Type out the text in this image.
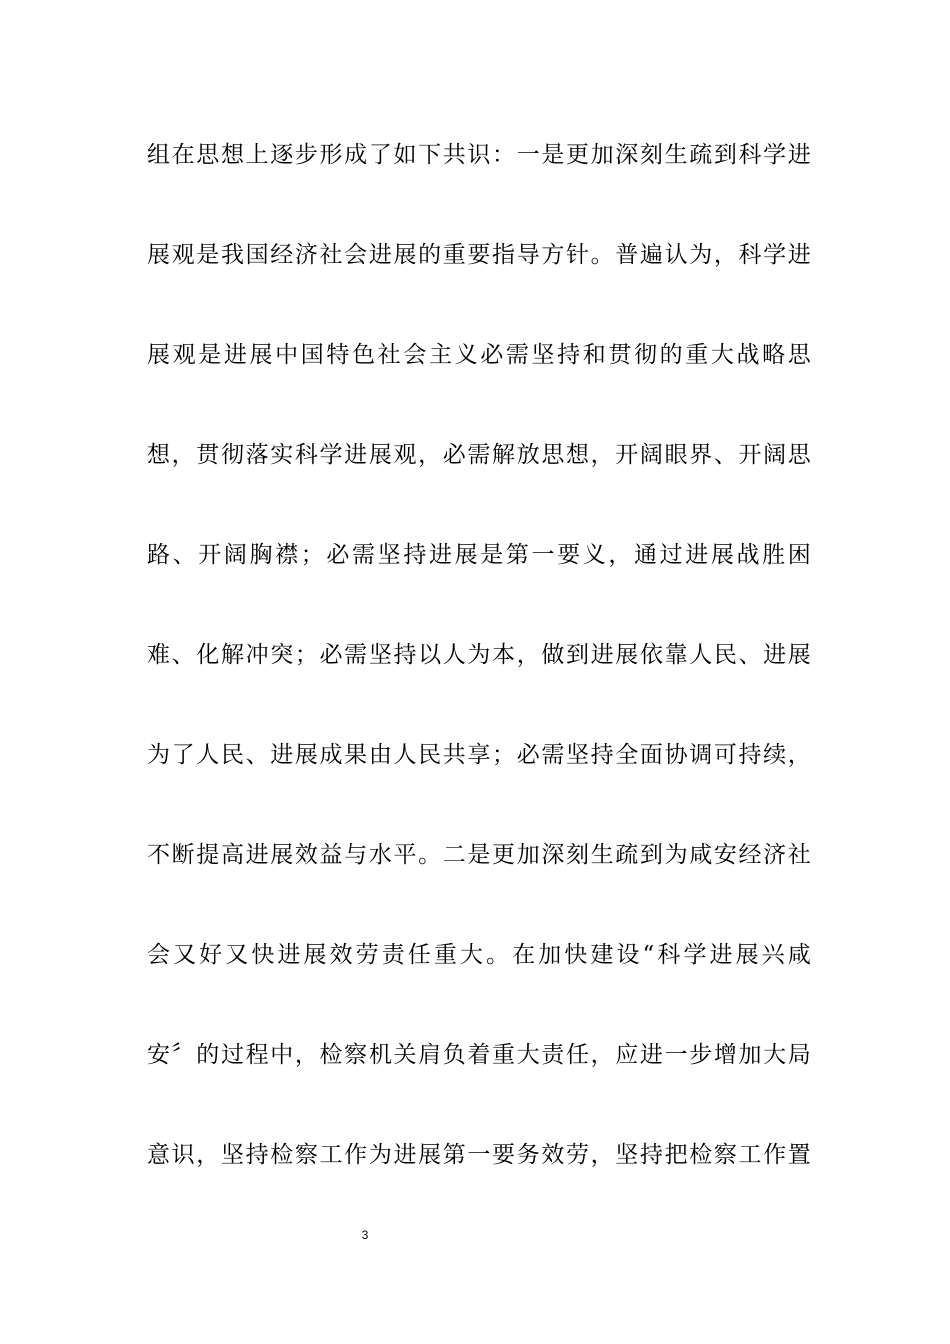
组在思想上逐步形成了如下共识：一是更加深刻生疏到科学进
展观是我国经济社会进展的重要指导方针。普遍认为，科学进
展观是进展中国特色社会主义必需坚持和贯彻的重大战略思
想，贯彻落实科学进展观，必需解放思想，开阔眼界、开阔思
路、开阔胸襟；必需坚持进展是第一要义，通过进展战胜困
难、化解冲突；必需坚持以人为本，做到进展依靠人民、进展
为了人民、进展成果由人民共享；必需坚持全面协调可持续，
不断提高进展效益与水平。二是更加深刻生疏到为咸安经济社
会又好又快进展效劳责任重大。在加快建设“科学进展兴咸
安〞的过程中，检察机关肩负着重大责任，应进一步增加大局
意识，坚持检察工作为进展第一要务效劳，坚持把检察工作置
3
